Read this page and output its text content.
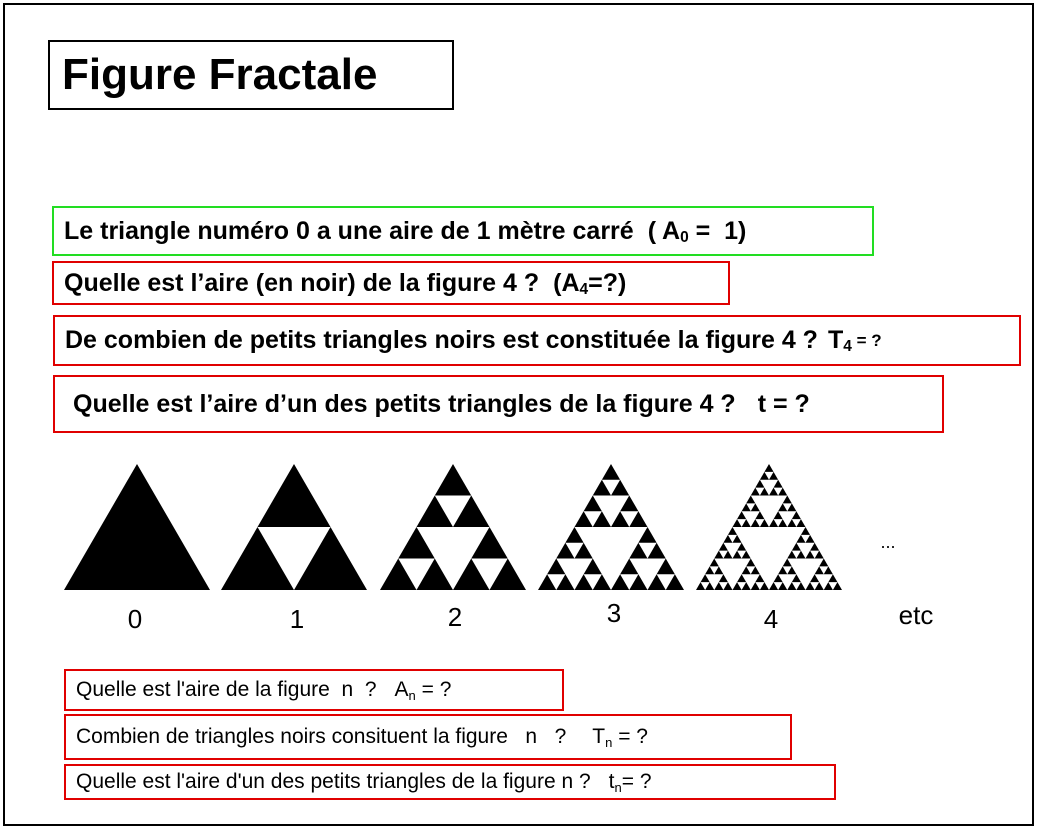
Figure Fractale
Le triangle numéro 0 a une aire de 1 mètre carré ( A 0 =  1)
Quelle est l’aire (en noir) de la figure 4 ? (A 4 =?)
De combien de petits triangles noirs est constituée la figure 4 ? T 4 = ?
Quelle est l’aire d’un des petits triangles de la figure 4 ? t = ?
...
0	1	2	3	4	etc
Quelle est l'aire de la figure  n  ? A n = ?
Combien de triangles noirs consituent la figure   n   ? T n = ?
Quelle est l'aire d'un des petits triangles de la figure n ? t n = ?
